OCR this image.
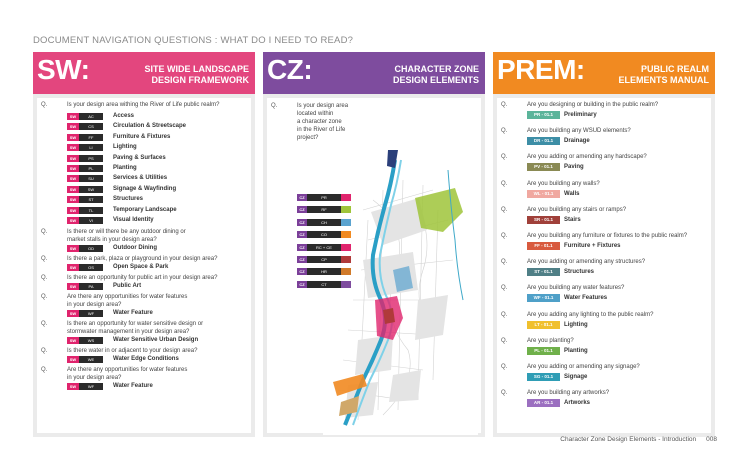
DOCUMENT NAVIGATION QUESTIONS : WHAT DO I NEED TO READ?
SW:	SITE WIDE LANDSCAPE
DESIGN FRAMEWORK
Q.	Is your design area withing the River of Life public realm?
SW	AC	Access
SW	CS	Circulation & Streetscape
SW	FF	Furniture & Fixtures
SW	LI	Lighting
SW	PS	Paving & Surfaces
SW	PL	Planting
SW	SU	Services & Utilities
SW	SW	Signage & Wayfinding
SW	ST	Structures
SW	TL	Temporary Landscape
SW	VI	Visual Identity
Q.	Is there or will there be any outdoor dining or
market stalls in your design area?
SW	OD	Outdoor Dining
Q.	Is there a park, plaza or playground in your design area?
SW	OS	Open Space & Park
Q.	Is there an opportunity for public art in your design area?
SW	PA	Public Art
Q.	Are there any opportunities for water features
in your design area?
SW	WF	Water Feature
Q.	Is there an opportunity for water sensitive design or
stormwater management in your design area?
SW	WS	Water Sensitive Urban Design
Q.	Is there water in or adjacent to your design area?
SW	WE	Water Edge Conditions
Q.	Are there any opportunities for water features
in your design area?
SW	WF	Water Feature
CZ:	CHARACTER ZONE
DESIGN ELEMENTS
Q.	Is your design area
located within
a character zone
in the River of Life
project?
CZ	PR
CZ	RF
CZ	CH
CZ	CO
CZ	RC + CE
CZ	CP
CZ	HR
CZ	CT
PREM:	PUBLIC REALM
ELEMENTS MANUAL
Q.	Are you designing or building in the public realm?
PR - 01.1	Preliminary
Q.	Are you building any WSUD elements?
DR - 01.1	Drainage
Q.	Are you adding or amending any hardscape?
PV - 01.1	Paving
Q.	Are you building any walls?
WL - 01.1	Walls
Q.	Are you building any stairs or ramps?
SR - 01.1	Stairs
Q.	Are you building any furniture or fixtures to the public realm?
FF - 01.1	Furniture + Fixtures
Q.	Are you adding or amending any structures?
ST - 01.1	Structures
Q.	Are you building any water features?
WF - 01.1	Water Features
Q.	Are you adding any lighting to the public realm?
LT - 01.1	Lighting
Q.	Are you planting?
PL - 01.1	Planting
Q.	Are you adding or amending any signage?
SG - 01.1	Signage
Q.	Are you building any artworks?
AR - 01.1	Artworks
Character Zone Design Elements - Introduction 008
